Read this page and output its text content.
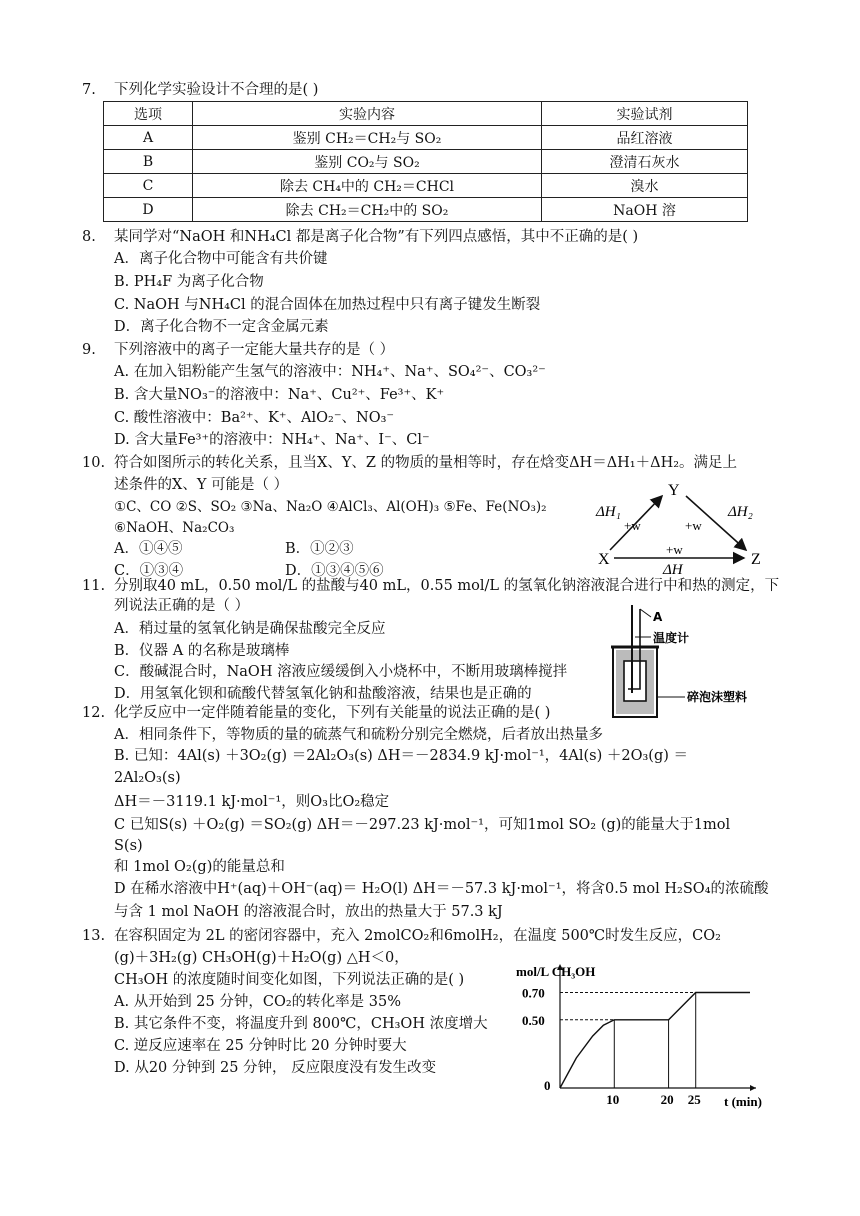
7.	下列化学实验设计不合理的是( )
选项	实验内容	实验试剂
A	鉴别 CH₂＝CH₂与 SO₂	品红溶液
B	鉴别 CO₂与 SO₂	澄清石灰水
C	除去 CH₄中的 CH₂＝CHCl	溴水
D	除去 CH₂＝CH₂中的 SO₂	NaOH 溶
8.	某同学对“NaOH 和NH₄Cl 都是离子化合物”有下列四点感悟，其中不正确的是( )
A．离子化合物中可能含有共价键
B. PH₄F 为离子化合物
C. NaOH 与NH₄Cl 的混合固体在加热过程中只有离子键发生断裂
D．离子化合物不一定含金属元素
9.	下列溶液中的离子一定能大量共存的是（ ）
A. 在加入铝粉能产生氢气的溶液中：NH₄⁺、Na⁺、SO₄²⁻、CO₃²⁻
B. 含大量NO₃⁻的溶液中：Na⁺、Cu²⁺、Fe³⁺、K⁺
C. 酸性溶液中：Ba²⁺、K⁺、AlO₂⁻、NO₃⁻
D. 含大量Fe³⁺的溶液中：NH₄⁺、Na⁺、I⁻、Cl⁻
10. 符合如图所示的转化关系，且当X、Y、Z 的物质的量相等时，存在焓变ΔH＝ΔH₁＋ΔH₂。满足上
述条件的X、Y 可能是（ ）
①C、CO ②S、SO₂ ③Na、Na₂O ④AlCl₃、Al(OH)₃ ⑤Fe、Fe(NO₃)₂
⑥NaOH、Na₂CO₃
A．①④⑤	B．①②③
C．①③④	D．①③④⑤⑥
Y
X	Z
ΔH₁	ΔH₂
+w	+w
+w
ΔH
11. 分别取40 mL，0.50 mol/L 的盐酸与40 mL，0.55 mol/L 的氢氧化钠溶液混合进行中和热的测定，下
列说法正确的是（ ）
A．稍过量的氢氧化钠是确保盐酸完全反应
B．仪器 A 的名称是玻璃棒
C．酸碱混合时，NaOH 溶液应缓缓倒入小烧杯中，不断用玻璃棒搅拌
D．用氢氧化钡和硫酸代替氢氧化钠和盐酸溶液，结果也是正确的
A
温度计
碎泡沫塑料
12. 化学反应中一定伴随着能量的变化，下列有关能量的说法正确的是( )
A．相同条件下，等物质的量的硫蒸气和硫粉分别完全燃烧，后者放出热量多
B. 已知：4Al(s) ＋3O₂(g) ＝2Al₂O₃(s) ΔH＝－2834.9 kJ·mol⁻¹，4Al(s) ＋2O₃(g) ＝
2Al₂O₃(s)
ΔH＝－3119.1 kJ·mol⁻¹，则O₃比O₂稳定
C 已知S(s) ＋O₂(g) ＝SO₂(g) ΔH＝－297.23 kJ·mol⁻¹，可知1mol SO₂ (g)的能量大于1mol
S(s)
和 1mol O₂(g)的能量总和
D 在稀水溶液中H⁺(aq)＋OH⁻(aq)＝ H₂O(l) ΔH＝－57.3 kJ·mol⁻¹，将含0.5 mol H₂SO₄的浓硫酸
与含 1 mol NaOH 的溶液混合时，放出的热量大于 57.3 kJ
13. 在容积固定为 2L 的密闭容器中，充入 2molCO₂和6molH₂，在温度 500℃时发生反应，CO₂
(g)＋3H₂(g) CH₃OH(g)＋H₂O(g) △H＜0，
CH₃OH 的浓度随时间变化如图，下列说法正确的是( )
A. 从开始到 25 分钟，CO₂的转化率是 35%
B. 其它条件不变，将温度升到 800℃，CH₃OH 浓度增大
C. 逆反应速率在 25 分钟时比 20 分钟时要大
D. 从20 分钟到 25 分钟， 反应限度没有发生改变
mol/L CH₃OH
t (min)
0.70
0.50
0
10	20 25
